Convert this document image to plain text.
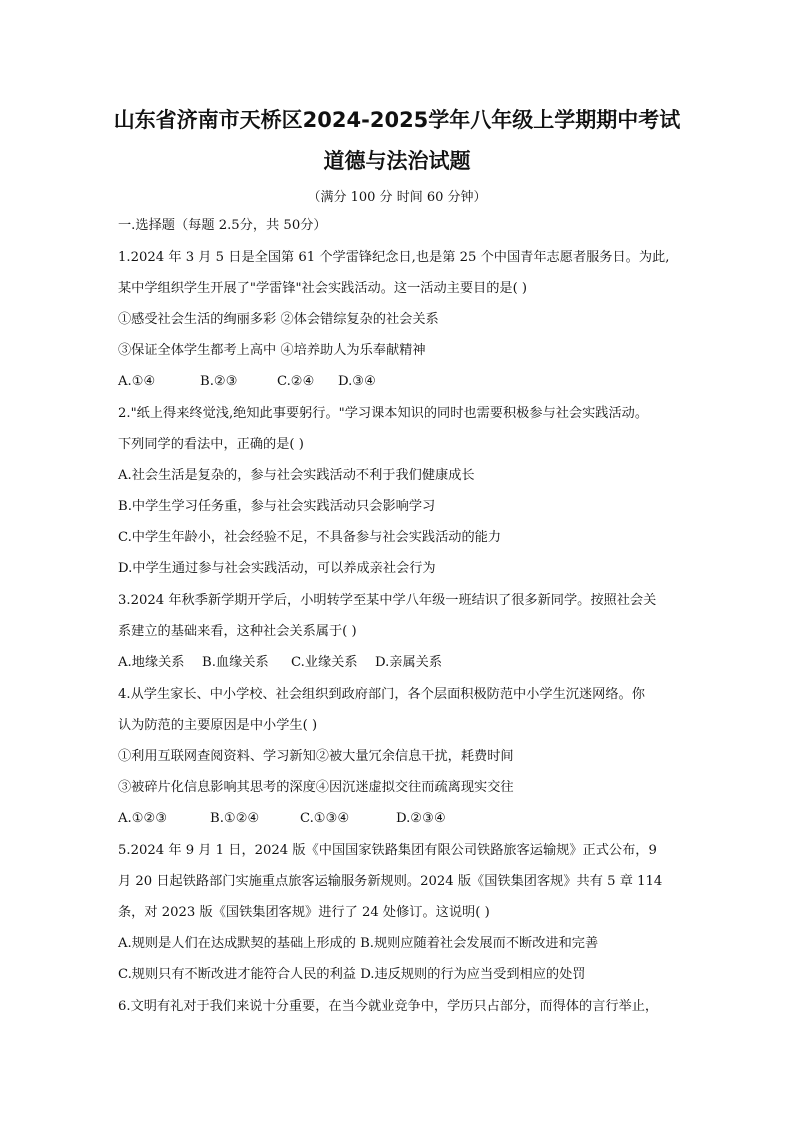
山东省济南市天桥区2024-2025学年八年级上学期期中考试
道德与法治试题
（满分 100 分 时间 60 分钟）
一.选择题（每题 2.5分，共 50分）
1.2024 年 3 月 5 日是全国第 61 个学雷锋纪念日,也是第 25 个中国青年志愿者服务日。为此,
某中学组织学生开展了"学雷锋"社会实践活动。这一活动主要目的是( )
①感受社会生活的绚丽多彩 ②体会错综复杂的社会关系
③保证全体学生都考上高中 ④培养助人为乐奉献精神
A.①④	B.②③	C.②④ D.③④
2."纸上得来终觉浅,绝知此事要躬行。"学习课本知识的同时也需要积极参与社会实践活动。
下列同学的看法中，正确的是( )
A.社会生活是复杂的，参与社会实践活动不利于我们健康成长
B.中学生学习任务重，参与社会实践活动只会影响学习
C.中学生年龄小，社会经验不足，不具备参与社会实践活动的能力
D.中学生通过参与社会实践活动，可以养成亲社会行为
3.2024 年秋季新学期开学后，小明转学至某中学八年级一班结识了很多新同学。按照社会关
系建立的基础来看，这种社会关系属于( )
A.地缘关系 B.血缘关系 C.业缘关系 D.亲属关系
4.从学生家长、中小学校、社会组织到政府部门，各个层面积极防范中小学生沉迷网络。你
认为防范的主要原因是中小学生( )
①利用互联网查阅资料、学习新知②被大量冗余信息干扰，耗费时间
③被碎片化信息影响其思考的深度④因沉迷虚拟交往而疏离现实交往
A.①②③	B.①②④	C.①③④	D.②③④
5.2024 年 9 月 1 日，2024 版《中国国家铁路集团有限公司铁路旅客运输规》正式公布，9
月 20 日起铁路部门实施重点旅客运输服务新规则。2024 版《国铁集团客规》共有 5 章 114
条，对 2023 版《国铁集团客规》进行了 24 处修订。这说明( )
A.规则是人们在达成默契的基础上形成的 B.规则应随着社会发展而不断改进和完善
C.规则只有不断改进才能符合人民的利益 D.违反规则的行为应当受到相应的处罚
6.文明有礼对于我们来说十分重要，在当今就业竞争中，学历只占部分，而得体的言行举止，
